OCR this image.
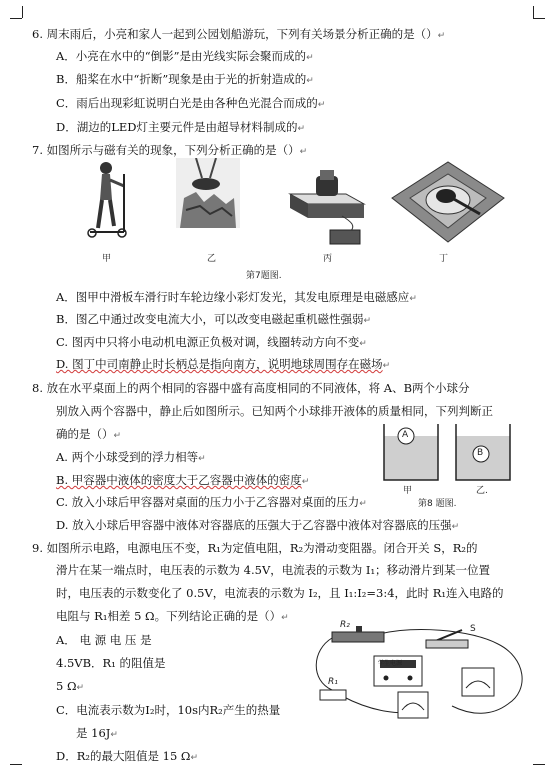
6. 周末雨后，小亮和家人一起到公园划船游玩，下列有关场景分析正确的是（）↵
A．小亮在水中的“倒影”是由光线实际会聚而成的↵
B．船桨在水中“折断”现象是由于光的折射造成的↵
C．雨后出现彩虹说明白光是由各种色光混合而成的↵
D．湖边的LED灯主要元件是由超导材料制成的↵
7. 如图所示与磁有关的现象，下列分析正确的是（）↵
甲	乙	丙	丁
第7题图.
A．图甲中滑板车滑行时车轮边缘小彩灯发光，其发电原理是电磁感应↵
B．图乙中通过改变电流大小，可以改变电磁起重机磁性强弱↵
C. 图丙中只将小电动机电源正负极对调，线圈转动方向不变↵
D. 图丁中司南静止时长柄总是指向南方，说明地球周围存在磁场↵
8. 放在水平桌面上的两个相同的容器中盛有高度相同的不同液体，将 A、B两个小球分
别放入两个容器中，静止后如图所示。已知两个小球排开液体的质量相同，下列判断正
确的是（）↵
A. 两个小球受到的浮力相等↵
B. 甲容器中液体的密度大于乙容器中液体的密度↵
C. 放入小球后甲容器对桌面的压力小于乙容器对桌面的压力↵
D. 放入小球后甲容器中液体对容器底的压强大于乙容器中液体对容器底的压强↵
A
B
甲	乙.
第8 题图.
9. 如图所示电路，电源电压不变，R₁为定值电阻，R₂为滑动变阻器。闭合开关 S，R₂的
滑片在某一端点时，电压表的示数为 4.5V，电流表的示数为 I₁；移动滑片到某一位置
时，电压表的示数变化了 0.5V，电流表的示数为 I₂，且 I₁:I₂=3:4，此时 R₁连入电路的
电阻与 R₁相差 5 Ω。下列结论正确的是（）↵
A． 电 源 电 压 是
4.5VB．R₁ 的阻值是
5 Ω↵
C．电流表示数为I₂时，10s内R₂产生的热量
是 16J↵
D．R₂的最大阻值是 15 Ω↵
R₂	S
R₁
学生电源
